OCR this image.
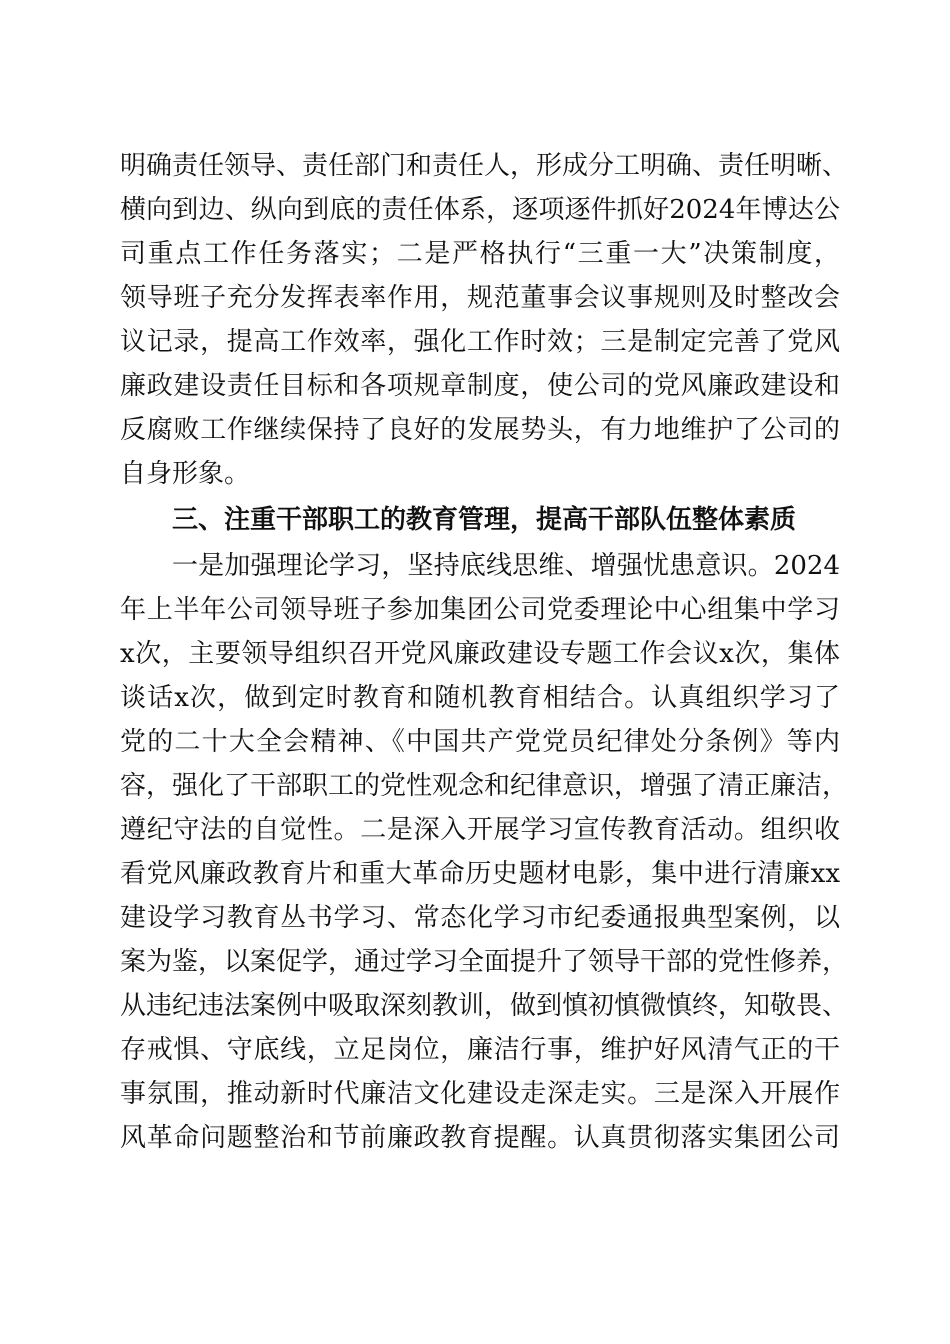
明确责任领导、责任部门和责任人，形成分工明确、责任明晰、
横向到边、纵向到底的责任体系，逐项逐件抓好2024年博达公
司重点工作任务落实；二是严格执行“三重一大”决策制度，
领导班子充分发挥表率作用，规范董事会议事规则及时整改会
议记录，提高工作效率，强化工作时效；三是制定完善了党风
廉政建设责任目标和各项规章制度，使公司的党风廉政建设和
反腐败工作继续保持了良好的发展势头，有力地维护了公司的
自身形象。
三、注重干部职工的教育管理，提高干部队伍整体素质
一是加强理论学习，坚持底线思维、增强忧患意识。2024
年上半年公司领导班子参加集团公司党委理论中心组集中学习
x次，主要领导组织召开党风廉政建设专题工作会议x次，集体
谈话x次，做到定时教育和随机教育相结合。认真组织学习了
党的二十大全会精神、《中国共产党党员纪律处分条例》等内
容，强化了干部职工的党性观念和纪律意识，增强了清正廉洁，
遵纪守法的自觉性。二是深入开展学习宣传教育活动。组织收
看党风廉政教育片和重大革命历史题材电影，集中进行清廉xx
建设学习教育丛书学习、常态化学习市纪委通报典型案例，以
案为鉴，以案促学，通过学习全面提升了领导干部的党性修养，
从违纪违法案例中吸取深刻教训，做到慎初慎微慎终，知敬畏、
存戒惧、守底线，立足岗位，廉洁行事，维护好风清气正的干
事氛围，推动新时代廉洁文化建设走深走实。三是深入开展作
风革命问题整治和节前廉政教育提醒。认真贯彻落实集团公司
